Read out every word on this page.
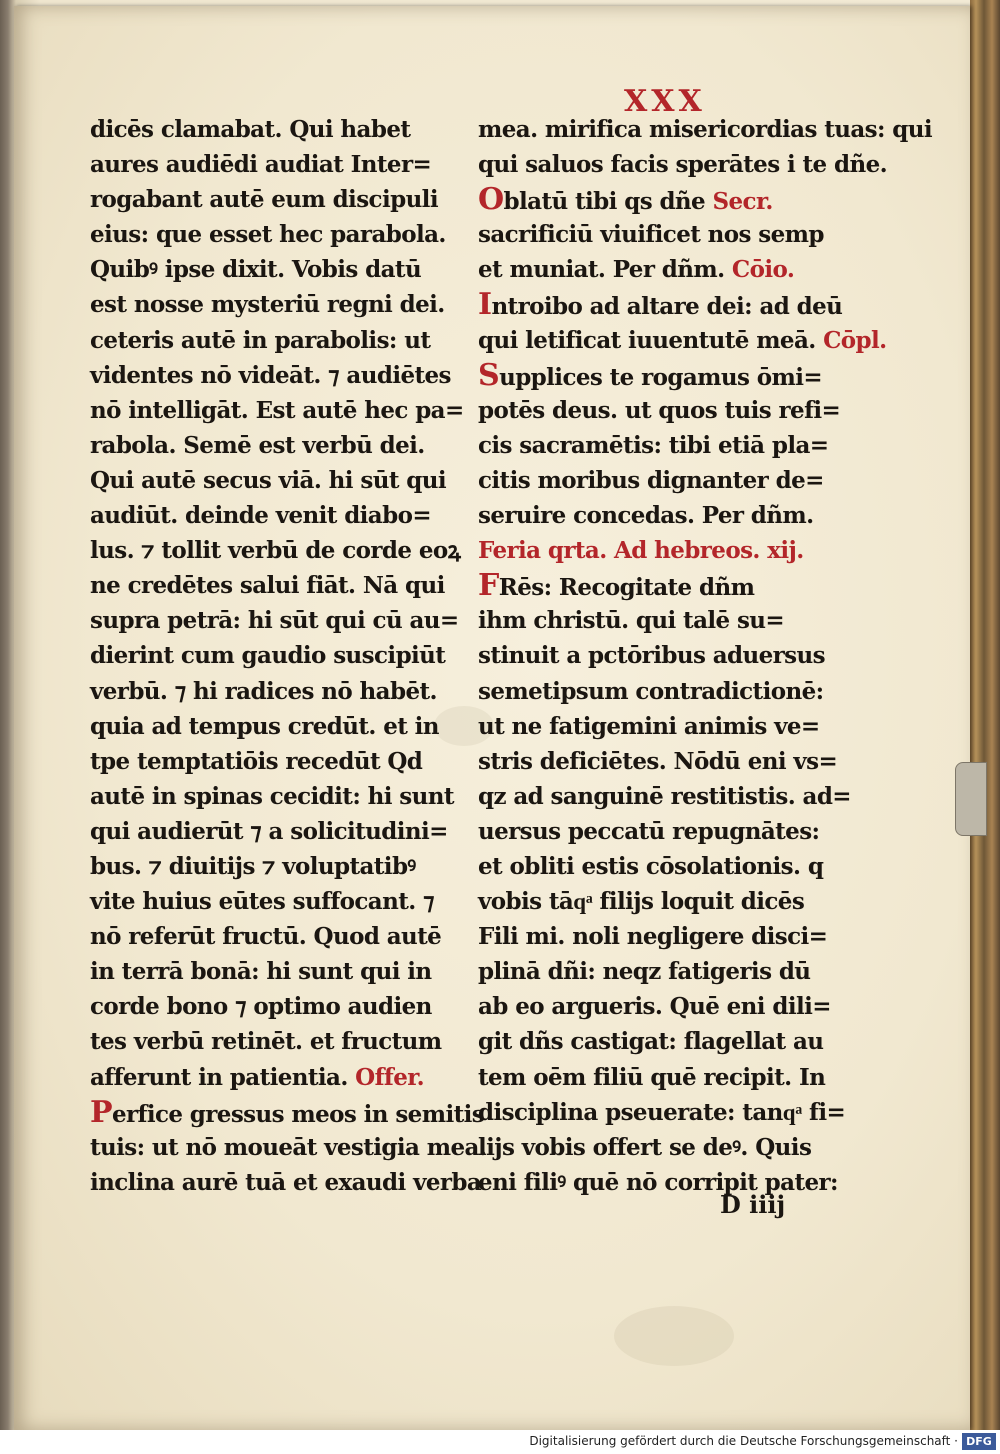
XXX
dicēs clamabat. Qui habet
aures audiēdi audiat Inter=
rogabant autē eum discipuli
eius: que esset hec parabola.
Quibꝰ ipse dixit. Vobis datū
est nosse mysteriū regni dei.
ceteris autē in parabolis: ut
videntes nō videāt. ⁊ audiētes
nō intelligāt. Est autē hec pa=
rabola. Semē est verbū dei.
Qui autē secus viā. hi sūt qui
audiūt. deinde venit diabo=
lus. ⁊ tollit verbū de corde eoꝝ
ne credētes salui fiāt. Nā qui
supra petrā: hi sūt qui cū au=
dierint cum gaudio suscipiūt
verbū. ⁊ hi radices nō habēt.
quia ad tempus credūt. et in
tpe temptatiōis recedūt Qd
autē in spinas cecidit: hi sunt
qui audierūt ⁊ a solicitudini=
bus. ⁊ diuitijs ⁊ voluptatibꝰ
vite huius eūtes suffocant. ⁊
nō referūt fructū. Quod autē
in terrā bonā: hi sunt qui in
corde bono ⁊ optimo audien
tes verbū retinēt. et fructum
afferunt in patientia. Offer.
Perfice gressus meos in semitis
tuis: ut nō moueāt vestigia mea.
inclina aurē tuā et exaudi verba
mea. mirifica misericordias tuas: qui
qui saluos facis sperātes i te dñe.
Oblatū tibi qs dñe Secr.
sacrificiū viuificet nos semp
et muniat. Per dñm. Cōio.
Introibo ad altare dei: ad deū
qui letificat iuuentutē meā. Cōpl.
Supplices te rogamus ōmi=
potēs deus. ut quos tuis refi=
cis sacramētis: tibi etiā pla=
citis moribus dignanter de=
seruire concedas. Per dñm.
Feria qrta. Ad hebreos. xij.
FRēs: Recogitate dñm
ihm christū. qui talē su=
stinuit a pctōribus aduersus
semetipsum contradictionē:
ut ne fatigemini animis ve=
stris deficiētes. Nōdū eni vs=
qz ad sanguinē restitistis. ad=
uersus peccatū repugnātes:
et obliti estis cōsolationis. q
vobis tāqͣ filijs loquit dicēs
Fili mi. noli negligere disci=
plinā dñi: neqz fatigeris dū
ab eo argueris. Quē eni dili=
git dñs castigat: flagellat au
tem oēm filiū quē recipit. In
disciplina pseuerate: tanqͣ fi=
lijs vobis offert se deꝰ. Quis
eni filiꝰ quē nō corripit pater:
D iiij
Digitalisierung gefördert durch die Deutsche Forschungsgemeinschaft · DFG
